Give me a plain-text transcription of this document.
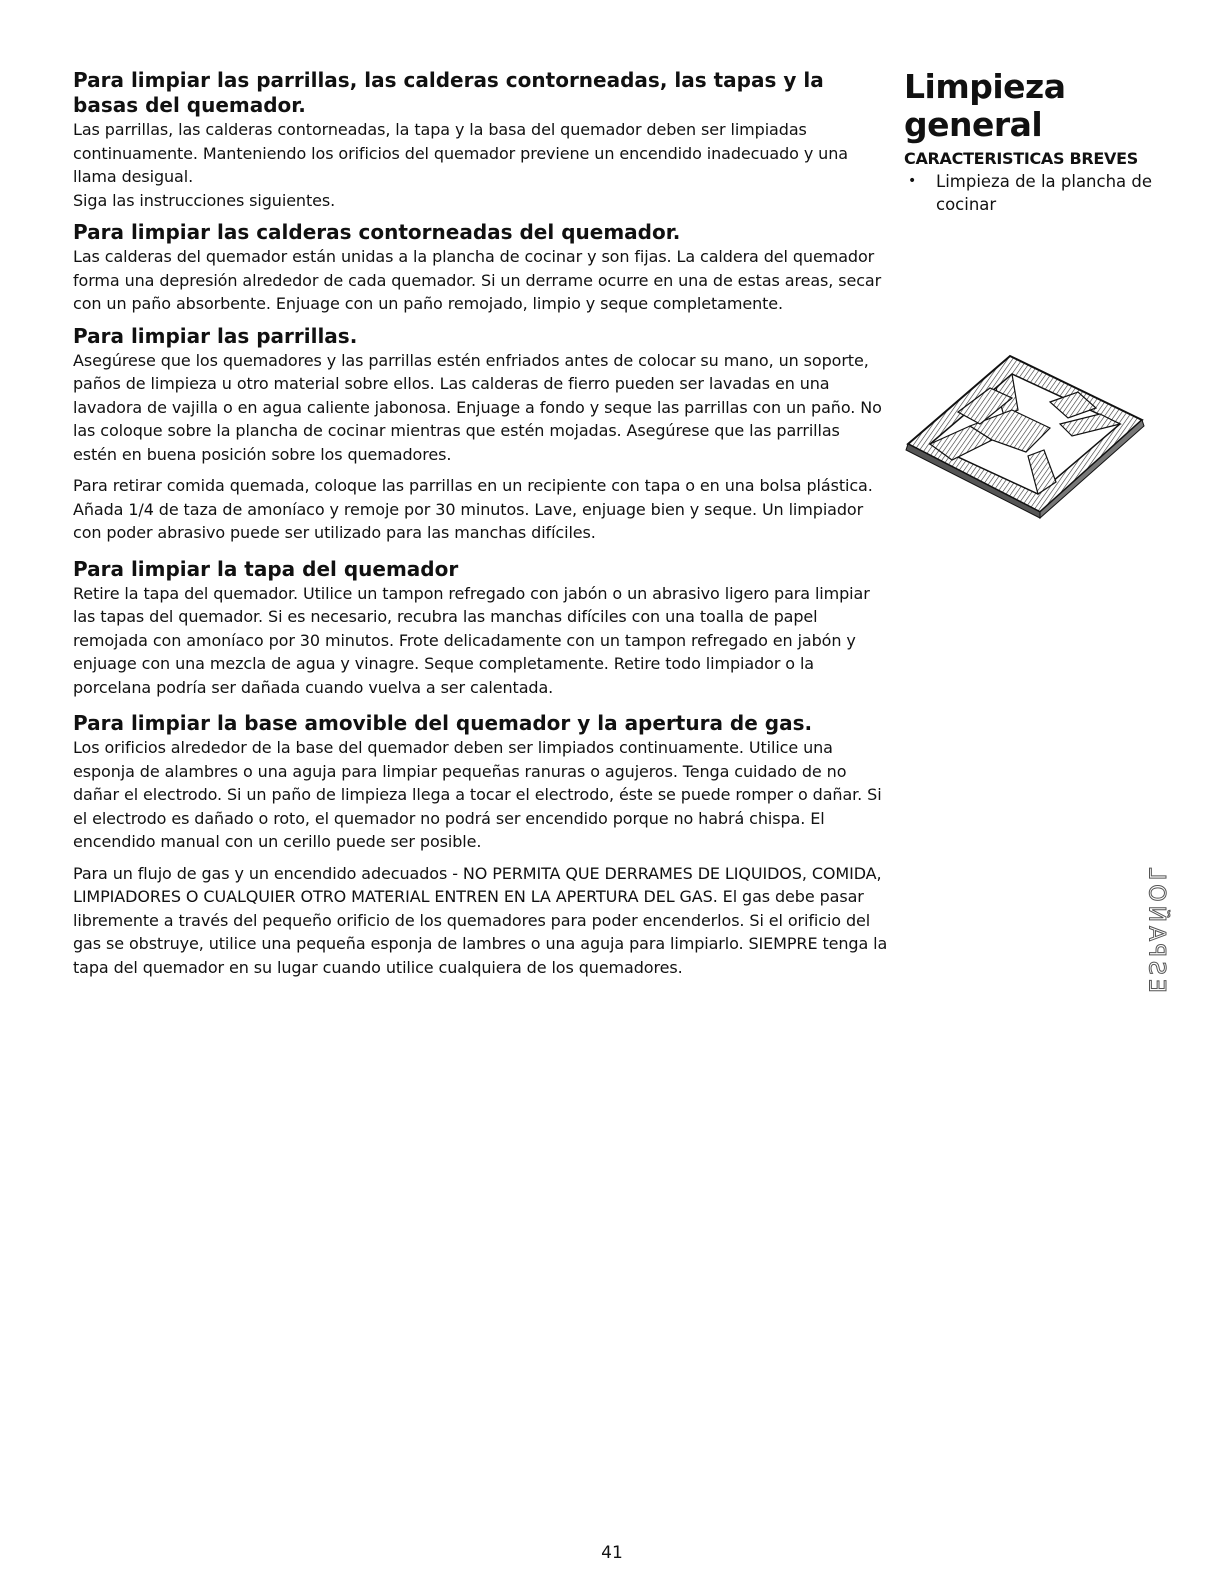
Para limpiar las parrillas, las calderas contorneadas, las tapas y la basas del quemador.

Las parrillas, las calderas contorneadas, la tapa y la basa del quemador deben ser limpiadas continuamente. Manteniendo los orificios del quemador previene un encendido inadecuado y una llama desigual.

Siga las instrucciones siguientes.

Para limpiar las calderas contorneadas del quemador.

Las calderas del quemador están unidas a la plancha de cocinar y son fijas. La caldera del quemador forma una depresión alrededor de cada quemador. Si un derrame ocurre en una de estas areas, secar con un paño absorbente. Enjuage con un paño remojado, limpio y seque completamente.

Para limpiar las parrillas.

Asegúrese que los quemadores y las parrillas estén enfriados antes de colocar su mano, un soporte, paños de limpieza u otro material sobre ellos. Las calderas de fierro pueden ser lavadas en una lavadora de vajilla o en agua caliente jabonosa. Enjuage a fondo y seque las parrillas con un paño. No las coloque sobre la plancha de cocinar mientras que estén mojadas. Asegúrese que las parrillas estén en buena posición sobre los quemadores.

Para retirar comida quemada, coloque las parrillas en un recipiente con tapa o en una bolsa plástica. Añada 1/4 de taza de amoníaco y remoje por 30 minutos. Lave, enjuage bien y seque. Un limpiador con poder abrasivo puede ser utilizado para las manchas difíciles.

Para limpiar la tapa del quemador

Retire la tapa del quemador. Utilice un tampon refregado con jabón o un abrasivo ligero para limpiar las tapas del quemador. Si es necesario, recubra las manchas difíciles con una toalla de papel remojada con amoníaco por 30 minutos. Frote delicadamente con un tampon refregado en jabón y enjuage con una mezcla de agua y vinagre. Seque completamente. Retire todo limpiador o la porcelana podría ser dañada cuando vuelva a ser calentada.

Para limpiar la base amovible del quemador y la apertura de gas.

Los orificios alrededor de la base del quemador deben ser limpiados continuamente. Utilice una esponja de alambres o una aguja para limpiar pequeñas ranuras o agujeros. Tenga cuidado de no dañar el electrodo. Si un paño de limpieza llega a tocar el electrodo, éste se puede romper o dañar. Si el electrodo es dañado o roto, el quemador no podrá ser encendido porque no habrá chispa. El encendido manual con un cerillo puede ser posible.

Para un flujo de gas y un encendido adecuados - NO PERMITA QUE DERRAMES DE LIQUIDOS, COMIDA, LIMPIADORES O CUALQUIER OTRO MATERIAL ENTREN EN LA APERTURA DEL GAS. El gas debe pasar libremente a través del pequeño orificio de los quemadores para poder encenderlos. Si el orificio del gas se obstruye, utilice una pequeña esponja de lambres o una aguja para limpiarlo. SIEMPRE tenga la tapa del quemador en su lugar cuando utilice cualquiera de los quemadores.

Limpieza general
CARACTERISTICAS BREVES
• Limpieza de la plancha de cocinar
ESPAÑOL
41
